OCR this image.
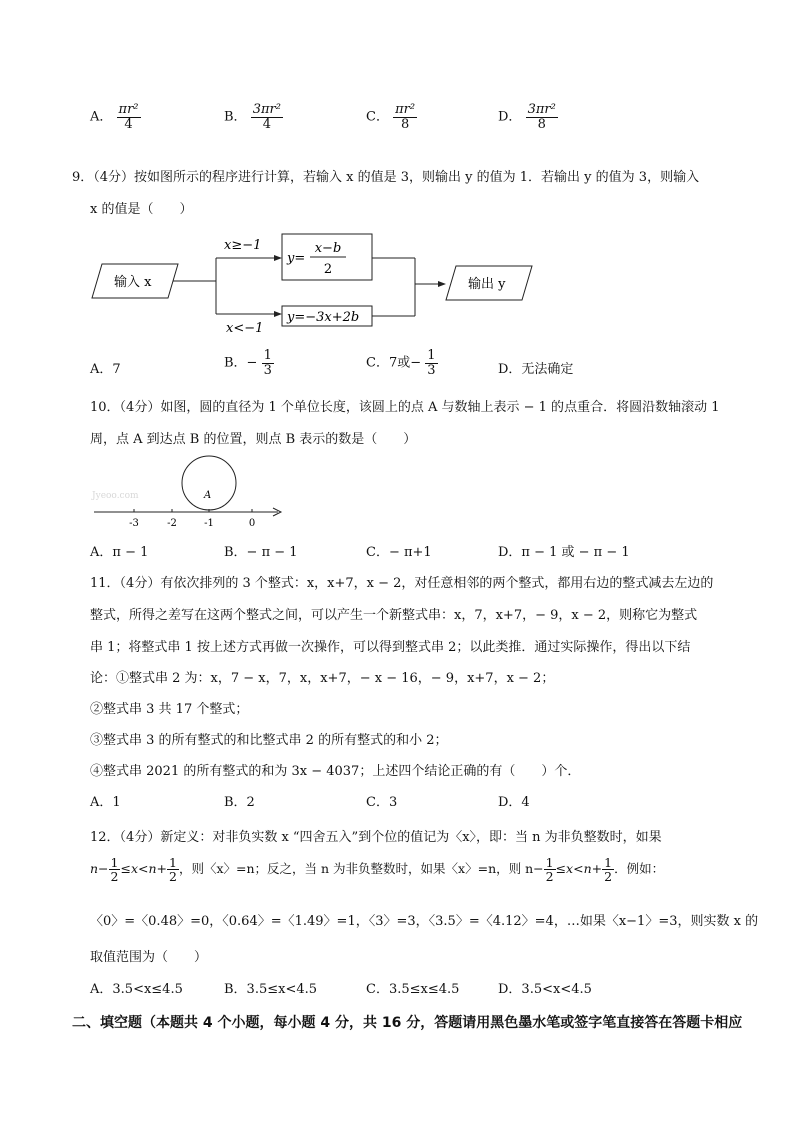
A． $\frac{\text{πr²}}{4}$	B． $\frac{\text{3πr²}}{4}$	C． $\frac{\text{πr²}}{8}$	D． $\frac{\text{3πr²}}{8}$
9．（4分）按如图所示的程序进行计算，若输入 x 的值是 3，则输出 y 的值为 1．若输出 y 的值为 3，则输入
x 的值是（　　）
输入 x
x≥−1
x<−1
y=
x−b
2
y=−3x+2b
输出 y
A．7	B．− $\frac{1}{3}$	C．7或− $\frac{1}{3}$	D．无法确定
10．（4分）如图，圆的直径为 1 个单位长度，该圆上的点 A 与数轴上表示 − 1 的点重合．将圆沿数轴滚动 1
周，点 A 到达点 B 的位置，则点 B 表示的数是（　　）
A
Jyeoo.com
-3	-2	-1	0
A．π − 1	B．− π − 1	C．− π+1	D．π − 1 或 − π − 1
11．（4分）有依次排列的 3 个整式：x，x+7，x − 2，对任意相邻的两个整式，都用右边的整式减去左边的
整式，所得之差写在这两个整式之间，可以产生一个新整式串：x，7，x+7，− 9，x − 2，则称它为整式
串 1；将整式串 1 按上述方式再做一次操作，可以得到整式串 2；以此类推．通过实际操作，得出以下结
论：①整式串 2 为：x，7 − x，7，x，x+7，− x − 16，− 9，x+7，x − 2；
②整式串 3 共 17 个整式；
③整式串 3 的所有整式的和比整式串 2 的所有整式的和小 2；
④整式串 2021 的所有整式的和为 3x − 4037；上述四个结论正确的有（　　）个．
A．1	B．2	C．3	D．4
12．（4分）新定义：对非负实数 x “四舍五入”到个位的值记为〈x〉，即：当 n 为非负整数时，如果
$n- \frac{1}{2} \le x<n+ \frac{1}{2}$ ，则〈x〉=n；反之，当 n 为非负整数时，如果〈x〉=n，则 $n- \frac{1}{2} \le x<n+ \frac{1}{2}$ ．例如：
〈0〉=〈0.48〉=0，〈0.64〉=〈1.49〉=1，〈3〉=3，〈3.5〉=〈4.12〉=4，…如果〈x−1〉=3，则实数 x 的
取值范围为（　　）
A．3.5<x≤4.5	B．3.5≤x<4.5	C．3.5≤x≤4.5	D．3.5<x<4.5
二、填空题（本题共 4 个小题，每小题 4 分，共 16 分，答题请用黑色墨水笔或签字笔直接答在答题卡相应
